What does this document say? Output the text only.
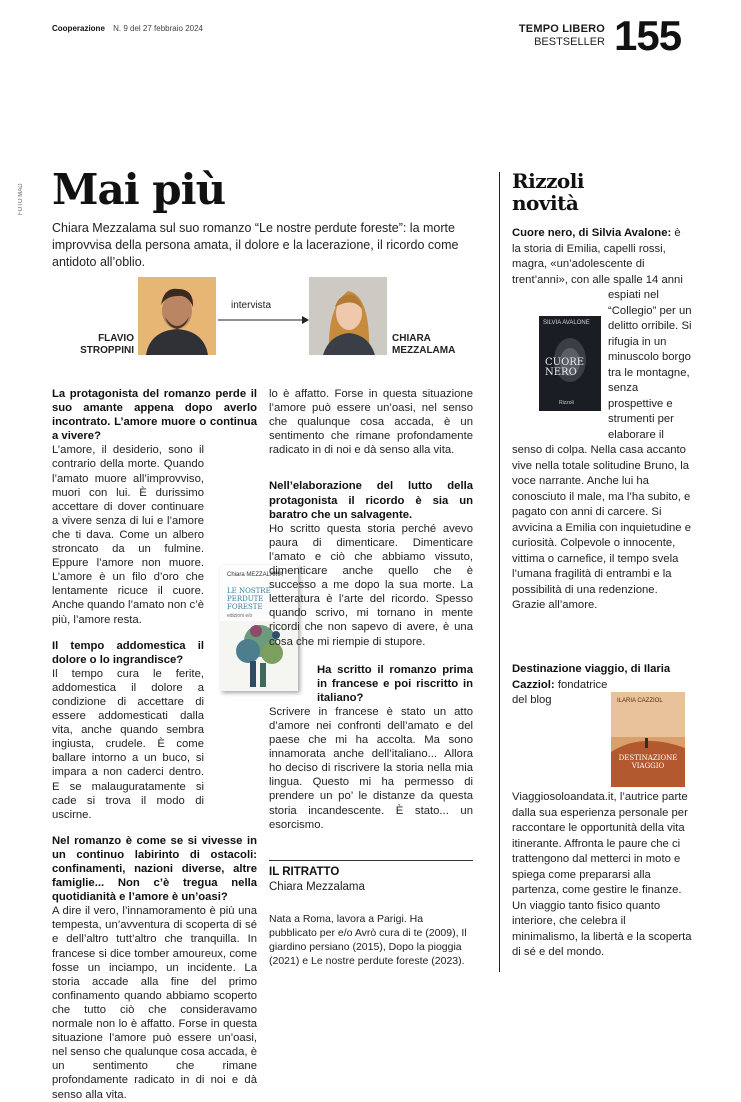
Cooperazione N. 9 del 27 febbraio 2024	TEMPO LIBERO
BESTSELLER 155
FOTO MAD Mai più
Chiara Mezzalama sul suo romanzo “Le nostre perdute foreste”: la morte improvvisa della persona amata, il dolore e la lacerazione, il ricordo come antidoto all’oblio.
intervista
FLAVIO STROPPINI
CHIARA MEZZALAMA

La protagonista del romanzo perde il suo amante appena dopo averlo incontrato. L’amore muore o continua a vivere?

L’amore, il desiderio, sono il contrario della morte. Quando l’amato muore all’improvviso, muori con lui. È durissimo accettare di dover continuare a vivere senza di lui e l’amore che ti dava. Come un albero stroncato da un fulmine. Eppure l’amore non muore. L’amore è un filo d’oro che lentamente ricuce il cuore. Anche quando l’amato non c’è più, l’amore resta.

Il tempo addomestica il dolore o lo ingrandisce?

Il tempo cura le ferite, addomestica il dolore a condizione di accettare di essere addomesticati dalla vita, anche quando sembra ingiusta, crudele. È come ballare intorno a un buco, si impara a non caderci dentro. E se malauguratamente si cade si trova il modo di uscirne.

Nel romanzo è come se si vivesse in un continuo labirinto di ostacoli: confinamenti, nazioni diverse, altre famiglie... Non c’è tregua nella quotidianità e l’amore è un’oasi?

A dire il vero, l’innamoramento è più una tempesta, un’avventura di scoperta di sé e dell’altro tutt’altro che tranquilla. In francese si dice tomber amoureux, come fosse un inciampo, un incidente. La storia accade alla fine del primo confinamento quando abbiamo scoperto che tutto ciò che consideravamo normale non lo è affatto. Forse in questa situazione l’amore può essere un’oasi, nel senso che qualunque cosa accada, è un sentimento che rimane profondamente radicato in di noi e dà senso alla vita.

Chiara MEZZALAMA
LE NOSTRE PERDUTE FORESTE
edizioni e/o

lo è affatto. Forse in questa situazione l’amore può essere un’oasi, nel senso che qualunque cosa accada, è un sentimento che rimane profondamente radicato in di noi e dà senso alla vita.

Nell’elaborazione del lutto della protagonista il ricordo è sia un baratro che un salvagente.

Ho scritto questa storia perché avevo paura di dimenticare. Dimenticare l’amato e ciò che abbiamo vissuto, dimenticare anche quello che è successo a me dopo la sua morte. La letteratura è l’arte del ricordo. Spesso quando scrivo, mi tornano in mente ricordi che non sapevo di avere, è una cosa che mi riempie di stupore.

Ha scritto il romanzo prima in francese e poi riscritto in italiano?

Scrivere in francese è stato un atto d’amore nei confronti dell’amato e del paese che mi ha accolta. Ma sono innamorata anche dell’italiano... Allora ho deciso di riscrivere la storia nella mia lingua. Questo mi ha permesso di prendere un po’ le distanze da questa storia incandescente. È stato... un esorcismo.

IL RITRATTO
Chiara Mezzalama
Nata a Roma, lavora a Parigi. Ha pubblicato per e/o Avrò cura di te (2009), Il giardino persiano (2015), Dopo la pioggia (2021) e Le nostre perdute foreste (2023).
Rizzoli novità
Cuore nero, di Silvia Avalone: è la storia di Emilia, capelli rossi, magra, «un’adolescente di trent’anni», con alle spalle 14 anni espiati nel “Collegio” per un delitto orribile. Si rifugia in un minuscolo borgo tra le montagne, senza prospettive e strumenti per elaborare il senso di colpa. Nella casa accanto vive nella totale solitudine Bruno, la voce narrante. Anche lui ha conosciuto il male, ma l’ha subito, e pagato con anni di carcere. Si avvicina a Emilia con inquietudine e curiosità. Colpevole o innocente, vittima o carnefice, il tempo svela l’umana fragilità di entrambi e la possibilità di una redenzione. Grazie all’amore.
Destinazione viaggio, di Ilaria Cazziol: fondatrice del blog Viaggiosoloandata.it, l’autrice parte dalla sua esperienza personale per raccontare le opportunità della vita itinerante. Affronta le paure che ci trattengono dal metterci in moto e spiega come prepararsi alla partenza, come gestire le finanze. Un viaggio tanto fisico quanto interiore, che celebra il minimalismo, la libertà e la scoperta di sé e del mondo.
SILVIA AVALONE
CUORE NERO
Rizzoli
ILARIA CAZZIOL
DESTINAZIONE VIAGGIO
